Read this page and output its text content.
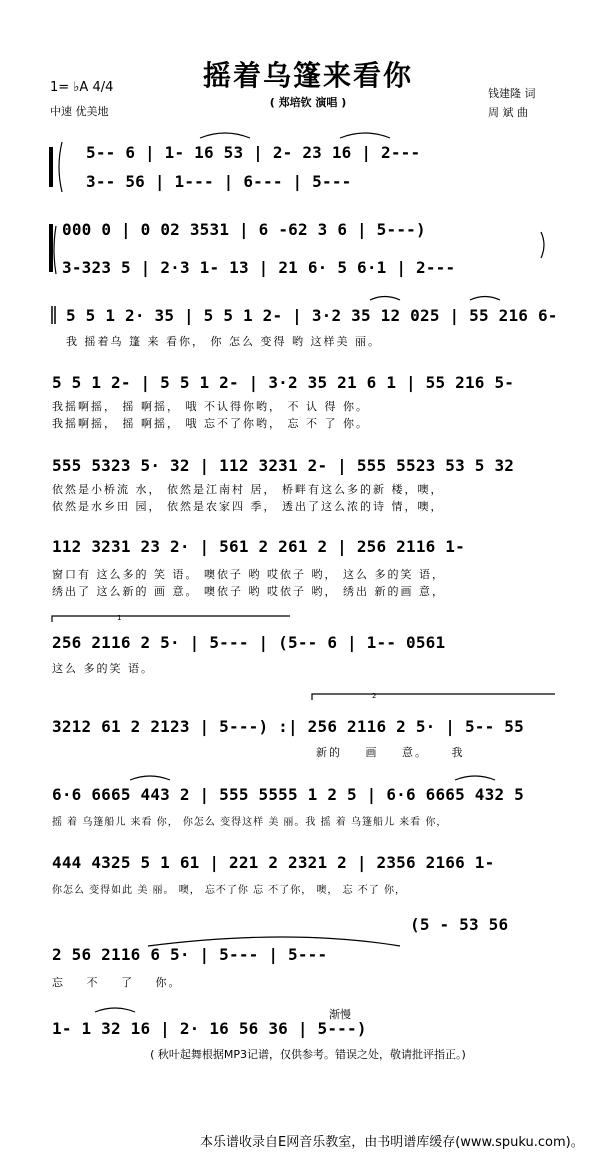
摇着乌篷来看你
( 郑培钦 演唱 )
1= ♭A 4/4
中速 优美地
钱建隆 词
周 斌 曲
5-- 6 | 1- 16 53 | 2- 23 16 | 2---
3-- 56 | 1--- | 6--- | 5---
000 0 | 0 02 3531 | 6 -62 3 6 | 5---)
3-323 5 | 2·3 1- 13 | 21 6· 5 6·1 | 2---
5 5 1 2· 35 | 5 5 1 2- | 3·2 35 12 025 | 55 216 6-
我 摇着乌 篷 来 看你， 你 怎么 变得 哟 这样美 丽。
5 5 1 2- | 5 5 1 2- | 3·2 35 21 6 1 | 55 216 5-
我摇啊摇， 摇 啊摇， 哦 不认得你哟， 不 认 得 你。
我摇啊摇， 摇 啊摇， 哦 忘不了你哟， 忘 不 了 你。
555 5323 5· 32 | 112 3231 2- | 555 5523 53 5 32
依然是小桥流 水， 依然是江南村 居， 桥畔有这么多的新 楼，噢，
依然是水乡田 园， 依然是农家四 季， 透出了这么浓的诗 情，噢，
112 3231 23 2· | 561 2 261 2 | 256 2116 1-
窗口有 这么多的 笑 语。 噢依子 哟 哎依子 哟， 这么 多的笑 语，
绣出了 这么新的 画 意。 噢依子 哟 哎依子 哟， 绣出 新的画 意，
256 2116 2 5· | 5--- | (5-- 6 | 1-- 0561
这么 多的笑 语。
3212 61 2 2123 | 5---) :| 256 2116 2 5· | 5-- 55
新的 画 意。 我
6·6 6665 443 2 | 555 5555 1 2 5 | 6·6 6665 432 5
摇 着 乌篷船儿 来看 你， 你怎么 变得这样 美 丽。我 摇 着 乌篷船儿 来看 你，
444 4325 5 1 61 | 221 2 2321 2 | 2356 2166 1-
你怎么 变得如此 美 丽。 噢， 忘不了你 忘 不了你， 噢， 忘 不了 你，
(5 - 53 56
2 56 2116 6 5· | 5--- | 5---
忘 不 了 你。
渐慢
1- 1 32 16 | 2· 16 56 36 | 5---)
( 秋叶起舞根据MP3记谱，仅供参考。错误之处，敬请批评指正。)
本乐谱收录自E网音乐教室，由书明谱库缓存(www.spuku.com)。
1
2
